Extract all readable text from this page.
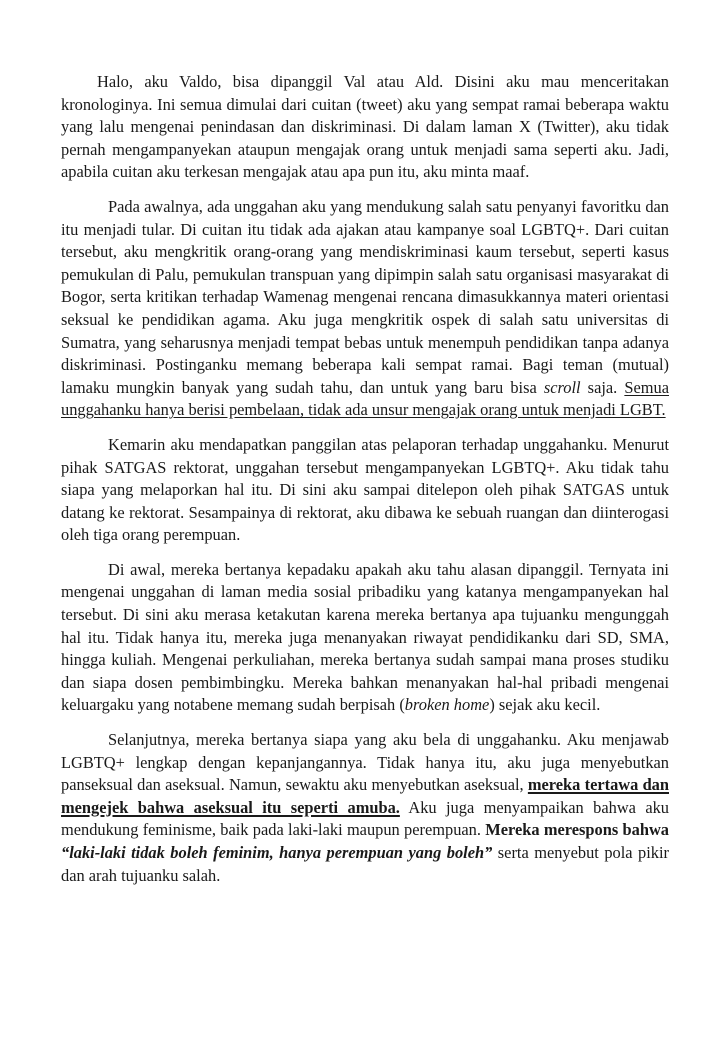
Halo, aku Valdo, bisa dipanggil Val atau Ald. Disini aku mau menceritakan kronologinya. Ini semua dimulai dari cuitan (tweet) aku yang sempat ramai beberapa waktu yang lalu mengenai penindasan dan diskriminasi. Di dalam laman X (Twitter), aku tidak pernah mengampanyekan ataupun mengajak orang untuk menjadi sama seperti aku. Jadi, apabila cuitan aku terkesan mengajak atau apa pun itu, aku minta maaf.

Pada awalnya, ada unggahan aku yang mendukung salah satu penyanyi favoritku dan itu menjadi tular. Di cuitan itu tidak ada ajakan atau kampanye soal LGBTQ+. Dari cuitan tersebut, aku mengkritik orang-orang yang mendiskriminasi kaum tersebut, seperti kasus pemukulan di Palu, pemukulan transpuan yang dipimpin salah satu organisasi masyarakat di Bogor, serta kritikan terhadap Wamenag mengenai rencana dimasukkannya materi orientasi seksual ke pendidikan agama. Aku juga mengkritik ospek di salah satu universitas di Sumatra, yang seharusnya menjadi tempat bebas untuk menempuh pendidikan tanpa adanya diskriminasi. Postinganku memang beberapa kali sempat ramai. Bagi teman (mutual) lamaku mungkin banyak yang sudah tahu, dan untuk yang baru bisa scroll saja. Semua unggahanku hanya berisi pembelaan, tidak ada unsur mengajak orang untuk menjadi LGBT.

Kemarin aku mendapatkan panggilan atas pelaporan terhadap unggahanku. Menurut pihak SATGAS rektorat, unggahan tersebut mengampanyekan LGBTQ+. Aku tidak tahu siapa yang melaporkan hal itu. Di sini aku sampai ditelepon oleh pihak SATGAS untuk datang ke rektorat. Sesampainya di rektorat, aku dibawa ke sebuah ruangan dan diinterogasi oleh tiga orang perempuan.

Di awal, mereka bertanya kepadaku apakah aku tahu alasan dipanggil. Ternyata ini mengenai unggahan di laman media sosial pribadiku yang katanya mengampanyekan hal tersebut. Di sini aku merasa ketakutan karena mereka bertanya apa tujuanku mengunggah hal itu. Tidak hanya itu, mereka juga menanyakan riwayat pendidikanku dari SD, SMA, hingga kuliah. Mengenai perkuliahan, mereka bertanya sudah sampai mana proses studiku dan siapa dosen pembimbingku. Mereka bahkan menanyakan hal-hal pribadi mengenai keluargaku yang notabene memang sudah berpisah (broken home) sejak aku kecil.

Selanjutnya, mereka bertanya siapa yang aku bela di unggahanku. Aku menjawab LGBTQ+ lengkap dengan kepanjangannya. Tidak hanya itu, aku juga menyebutkan panseksual dan aseksual. Namun, sewaktu aku menyebutkan aseksual, mereka tertawa dan mengejek bahwa aseksual itu seperti amuba. Aku juga menyampaikan bahwa aku mendukung feminisme, baik pada laki-laki maupun perempuan. Mereka merespons bahwa “laki-laki tidak boleh feminim, hanya perempuan yang boleh” serta menyebut pola pikir dan arah tujuanku salah.
